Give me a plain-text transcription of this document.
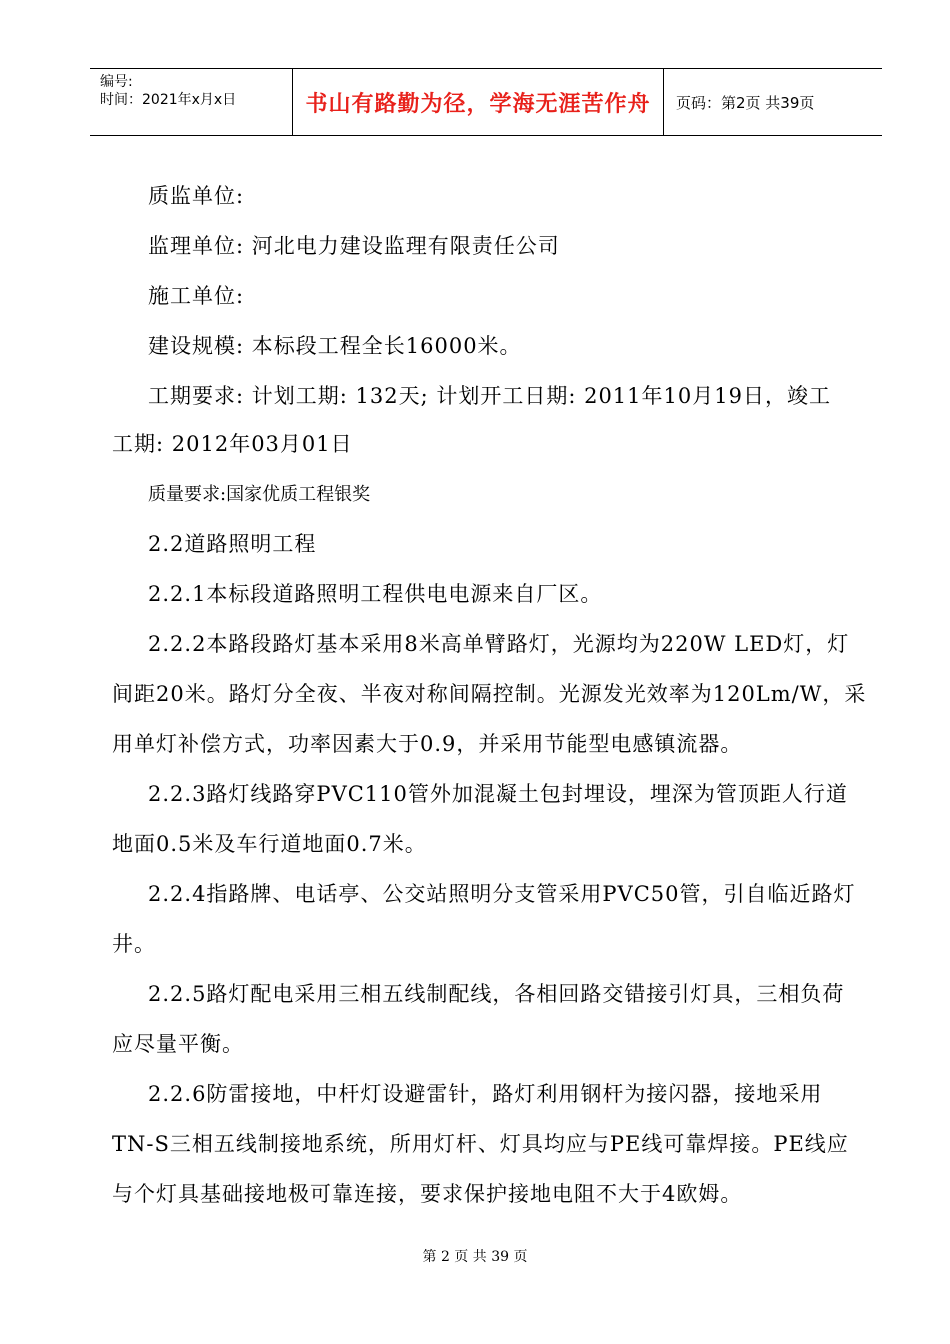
编号:
时间：2021年x月x日	书山有路勤为径，学海无涯苦作舟	页码：第2页 共39页
质监单位:
监理单位: 河北电力建设监理有限责任公司
施工单位:
建设规模: 本标段工程全长16000米。
工期要求: 计划工期: 132天; 计划开工日期: 2011年10月19日，竣工
工期: 2012年03月01日
质量要求:国家优质工程银奖
2.2道路照明工程
2.2.1本标段道路照明工程供电电源来自厂区。
2.2.2本路段路灯基本采用8米高单臂路灯，光源均为220W LED灯，灯
间距20米。路灯分全夜、半夜对称间隔控制。光源发光效率为120Lm/W，采
用单灯补偿方式，功率因素大于0.9，并采用节能型电感镇流器。
2.2.3路灯线路穿PVC110管外加混凝土包封埋设，埋深为管顶距人行道
地面0.5米及车行道地面0.7米。
2.2.4指路牌、电话亭、公交站照明分支管采用PVC50管，引自临近路灯
井。
2.2.5路灯配电采用三相五线制配线，各相回路交错接引灯具，三相负荷
应尽量平衡。
2.2.6防雷接地，中杆灯设避雷针，路灯利用钢杆为接闪器，接地采用
TN-S三相五线制接地系统，所用灯杆、灯具均应与PE线可靠焊接。PE线应
与个灯具基础接地极可靠连接，要求保护接地电阻不大于4欧姆。
第 2 页 共 39 页
